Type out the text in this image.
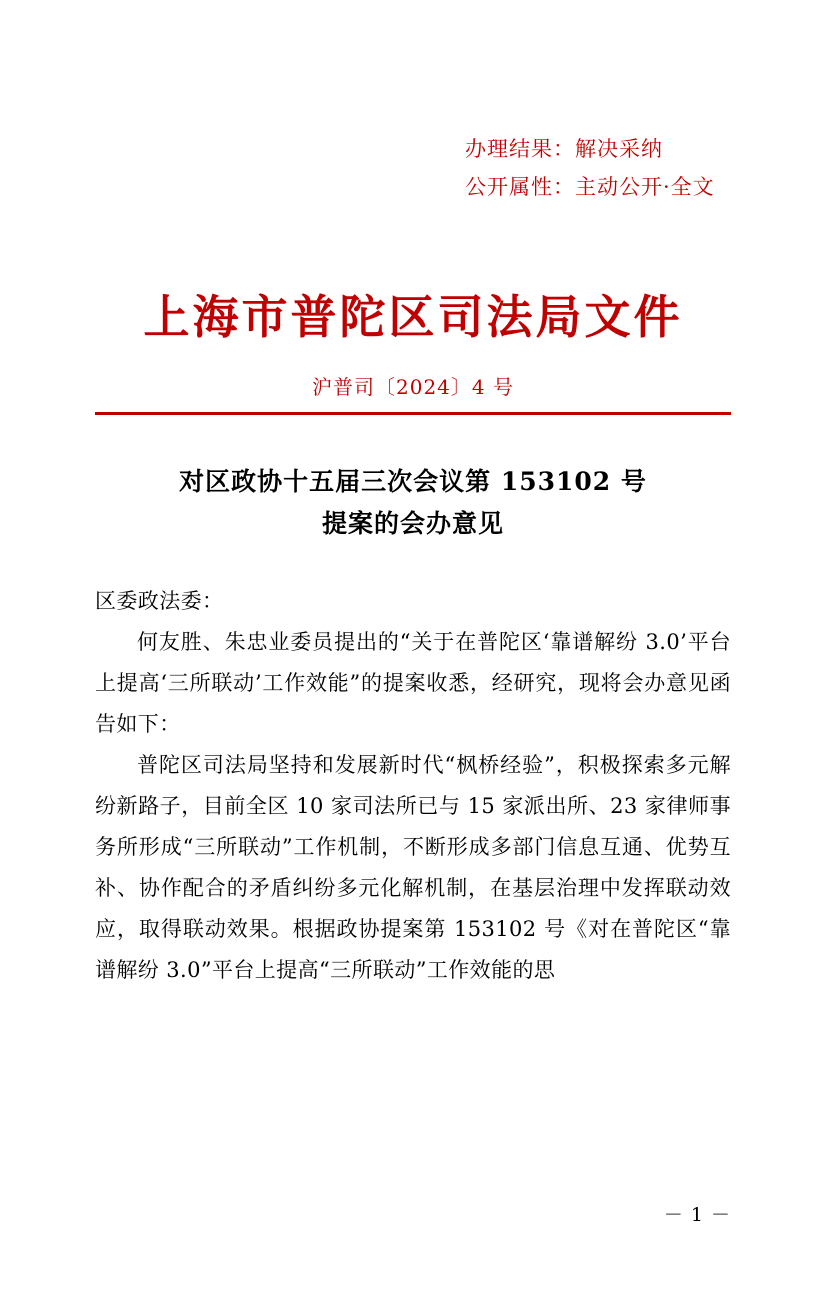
办理结果：解决采纳
公开属性：主动公开·全文
上海市普陀区司法局文件
沪普司〔2024〕4 号
对区政协十五届三次会议第 153102 号
提案的会办意见

区委政法委：

何友胜、朱忠业委员提出的“关于在普陀区‘靠谱解纷 3.0’平台上提高‘三所联动’工作效能”的提案收悉，经研究，现将会办意见函告如下：

普陀区司法局坚持和发展新时代“枫桥经验”，积极探索多元解纷新路子，目前全区 10 家司法所已与 15 家派出所、23 家律师事务所形成“三所联动”工作机制，不断形成多部门信息互通、优势互补、协作配合的矛盾纠纷多元化解机制，在基层治理中发挥联动效应，取得联动效果。根据政协提案第 153102 号《对在普陀区“靠谱解纷 3.0”平台上提高“三所联动”工作效能的思

－ 1 －
